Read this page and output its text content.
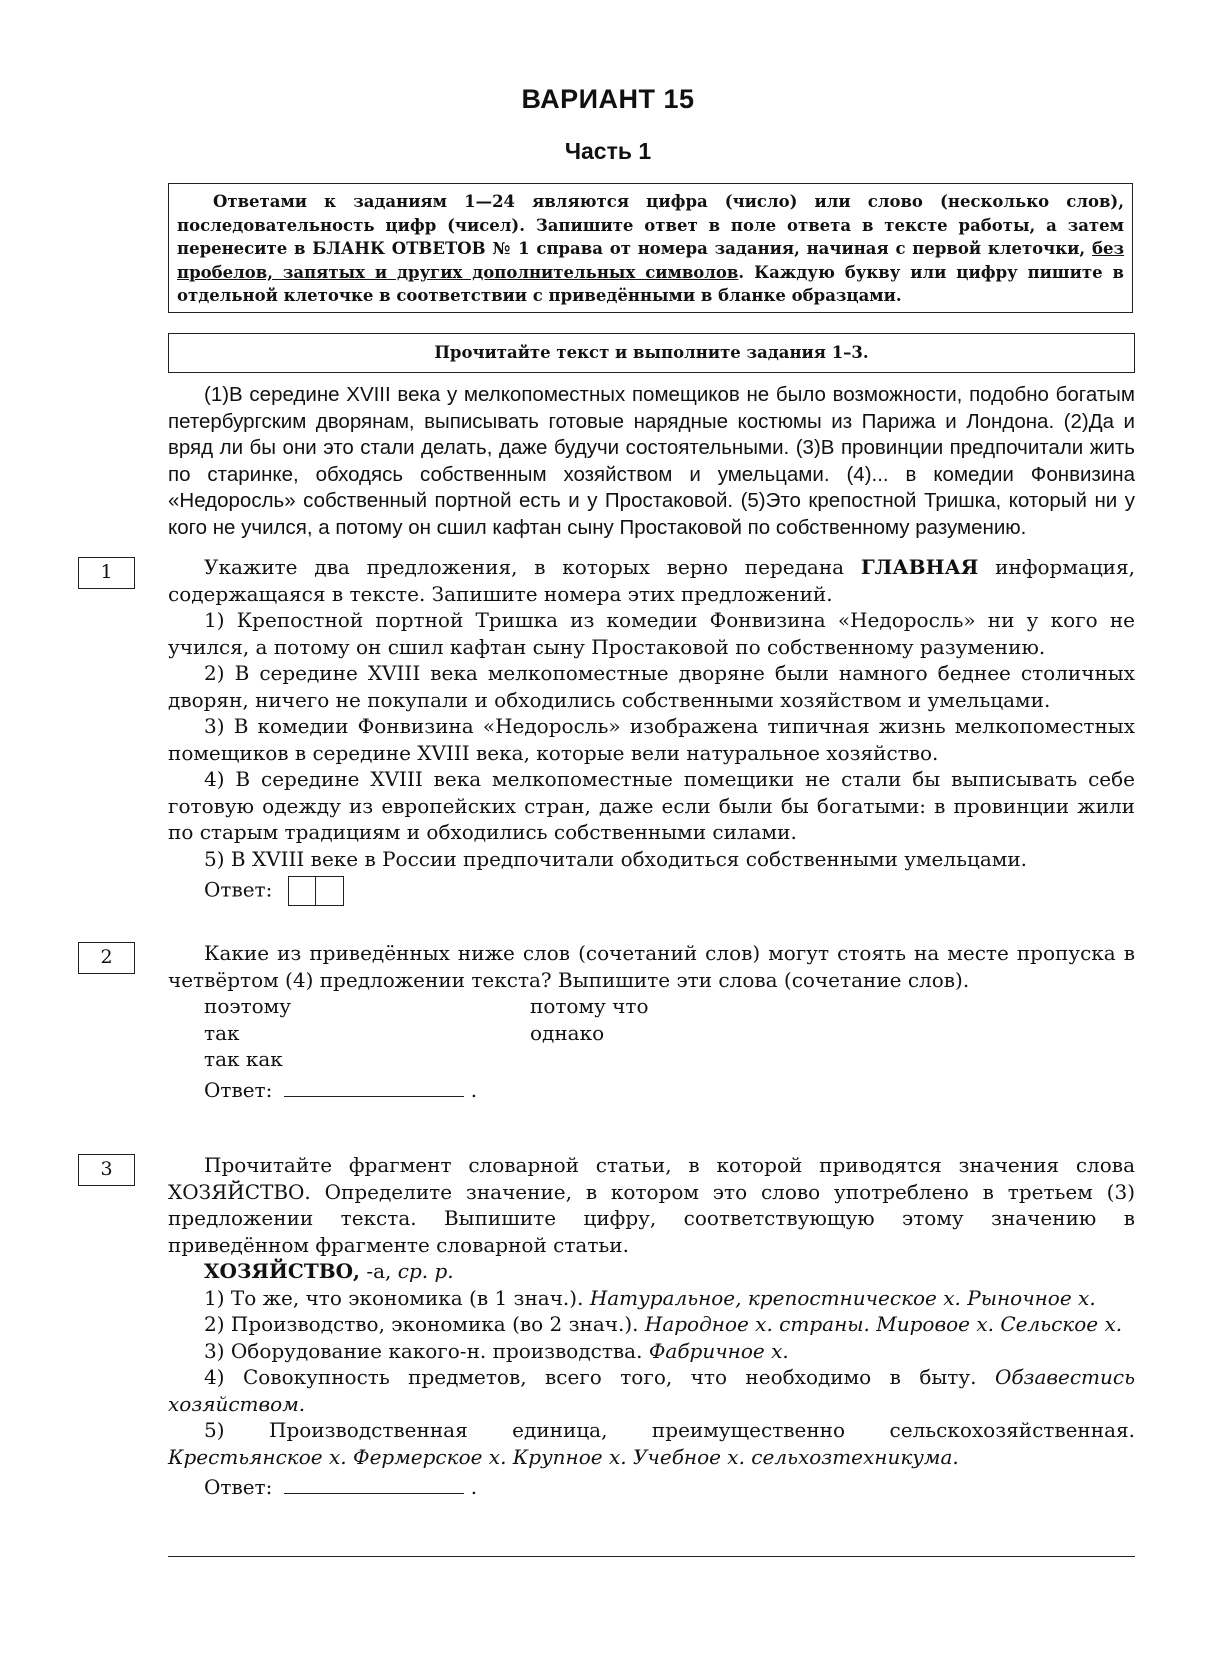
ВАРИАНТ 15
Часть 1
Ответами к заданиям 1—24 являются цифра (число) или слово (несколько слов), последовательность цифр (чисел). Запишите ответ в поле ответа в тексте работы, а затем перенесите в БЛАНК ОТВЕТОВ № 1 справа от номера задания, начиная с первой клеточки, без пробелов, запятых и других дополнительных символов. Каждую букву или цифру пишите в отдельной клеточке в соответствии с приведёнными в бланке образцами.
Прочитайте текст и выполните задания 1–3.

(1)В середине XVIII века у мелкопоместных помещиков не было возможности, подобно богатым петербургским дворянам, выписывать готовые нарядные костюмы из Парижа и Лондона. (2)Да и вряд ли бы они это стали делать, даже будучи состоятельными. (3)В провинции предпочитали жить по старинке, обходясь собственным хозяйством и умельцами. (4)... в комедии Фонвизина «Недоросль» собственный портной есть и у Простаковой. (5)Это крепостной Тришка, который ни у кого не учился, а потому он сшил кафтан сыну Простаковой по собственному разумению.

1	Укажите два предложения, в которых верно передана ГЛАВНАЯ информация, содержащаяся в тексте. Запишите номера этих предложений.

1) Крепостной портной Тришка из комедии Фонвизина «Недоросль» ни у кого не учился, а потому он сшил кафтан сыну Простаковой по собственному разумению.

2) В середине XVIII века мелкопоместные дворяне были намного беднее столичных дворян, ничего не покупали и обходились собственными хозяйством и умельцами.

3) В комедии Фонвизина «Недоросль» изображена типичная жизнь мелкопоместных помещиков в середине XVIII века, которые вели натуральное хозяйство.

4) В середине XVIII века мелкопоместные помещики не стали бы выписывать себе готовую одежду из европейских стран, даже если были бы богатыми: в провинции жили по старым традициям и обходились собственными силами.

5) В XVIII веке в России предпочитали обходиться собственными умельцами.

Ответ:
2	Какие из приведённых ниже слов (сочетаний слов) могут стоять на месте пропуска в четвёртом (4) предложении текста? Выпишите эти слова (сочетание слов).

поэтому	потому что
так	однако
так как
Ответ:	.
3	Прочитайте фрагмент словарной статьи, в которой приводятся значения слова ХОЗЯЙСТВО. Определите значение, в котором это слово употреблено в третьем (3) предложении текста. Выпишите цифру, соответствующую этому значению в приведённом фрагменте словарной статьи.

ХОЗЯЙСТВО, -а, ср. р.

1) То же, что экономика (в 1 знач.). Натуральное, крепостническое х. Рыночное х.

2) Производство, экономика (во 2 знач.). Народное х. страны. Мировое х. Сельское х.

3) Оборудование какого-н. производства. Фабричное х.

4) Совокупность предметов, всего того, что необходимо в быту. Обзавестись хозяйством.

5) Производственная единица, преимущественно сельскохозяйственная. Крестьянское х. Фермерское х. Крупное х. Учебное х. сельхозтехникума.

Ответ:	.
